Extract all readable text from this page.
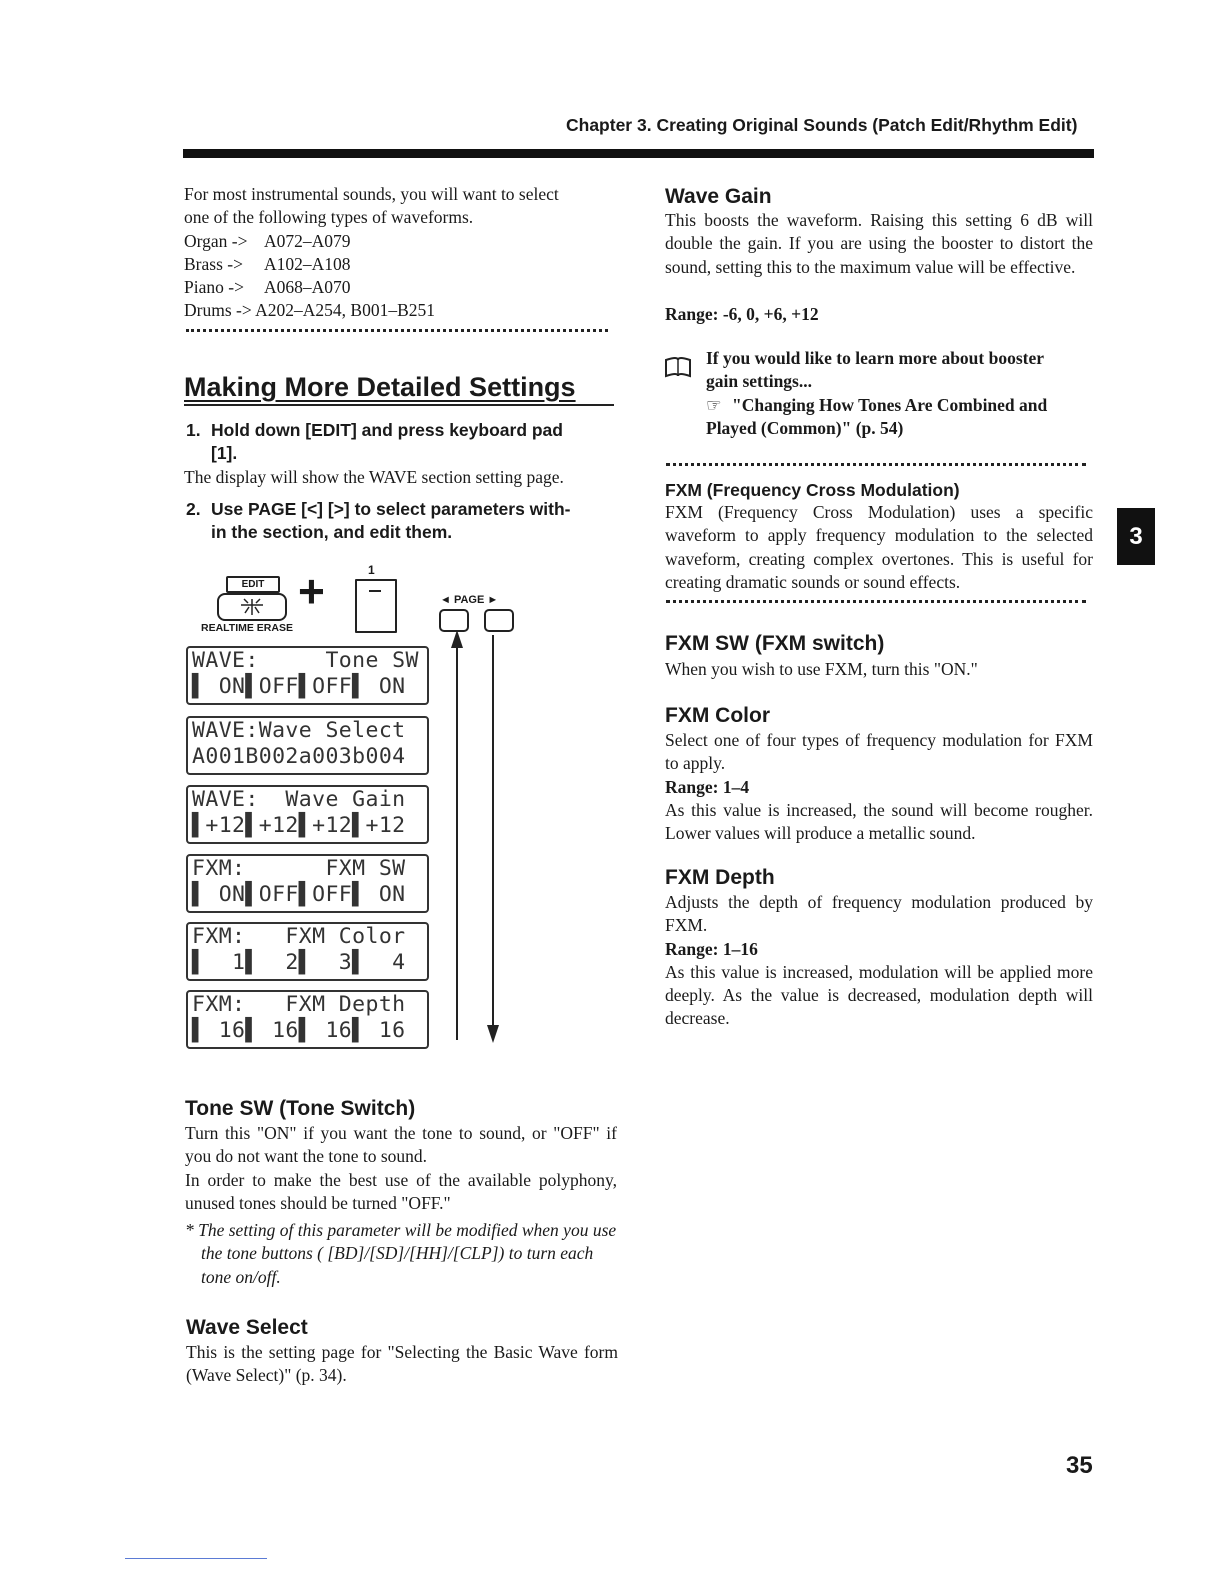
Chapter 3. Creating Original Sounds (Patch Edit/Rhythm Edit)

For most instrumental sounds, you will want to select

one of the following types of waveforms.

Organ -> A072–A079
Brass -> A102–A108
Piano -> A068–A070
Drums -> A202–A254, B001–B251
Making More Detailed Settings
1. Hold down [EDIT] and press keyboard pad
[1].
The display will show the WAVE section setting page.
2. Use PAGE [<] [>] to select parameters with-
in the section, and edit them.
EDIT
REALTIME ERASE
+	1
◄ PAGE ►
WAVE:     Tone SW
▌ ON▌OFF▌OFF▌ ON
WAVE:Wave Select
A001B002a003b004
WAVE:  Wave Gain
▌+12▌+12▌+12▌+12
FXM:      FXM SW
▌ ON▌OFF▌OFF▌ ON
FXM:   FXM Color
▌  1▌  2▌  3▌  4
FXM:   FXM Depth
▌ 16▌ 16▌ 16▌ 16
Tone SW (Tone Switch)

Turn this "ON" if you want the tone to sound, or "OFF" if you do not want the tone to sound.

In order to make the best use of the available polyphony, unused tones should be turned "OFF."

* The setting of this parameter will be modified when you use the tone buttons ( [BD]/[SD]/[HH]/[CLP]) to turn each tone on/off.
Wave Select
This is the setting page for "Selecting the Basic Wave form (Wave Select)" (p. 34).
Wave Gain
This boosts the waveform. Raising this setting 6 dB will double the gain. If you are using the booster to distort the sound, setting this to the maximum value will be effective.
Range: -6, 0, +6, +12

If you would like to learn more about booster

gain settings...

☞ "Changing How Tones Are Combined and

Played (Common)" (p. 54)

FXM (Frequency Cross Modulation)
FXM (Frequency Cross Modulation) uses a specific waveform to apply frequency modulation to the selected waveform, creating complex overtones. This is useful for creating dramatic sounds or sound effects.
FXM SW (FXM switch)
When you wish to use FXM, turn this "ON."
FXM Color

Select one of four types of frequency modulation for FXM to apply.

Range: 1–4

As this value is increased, the sound will become rougher. Lower values will produce a metallic sound.

FXM Depth

Adjusts the depth of frequency modulation produced by FXM.

Range: 1–16

As this value is increased, modulation will be applied more deeply. As the value is decreased, modulation depth will decrease.

3
35
